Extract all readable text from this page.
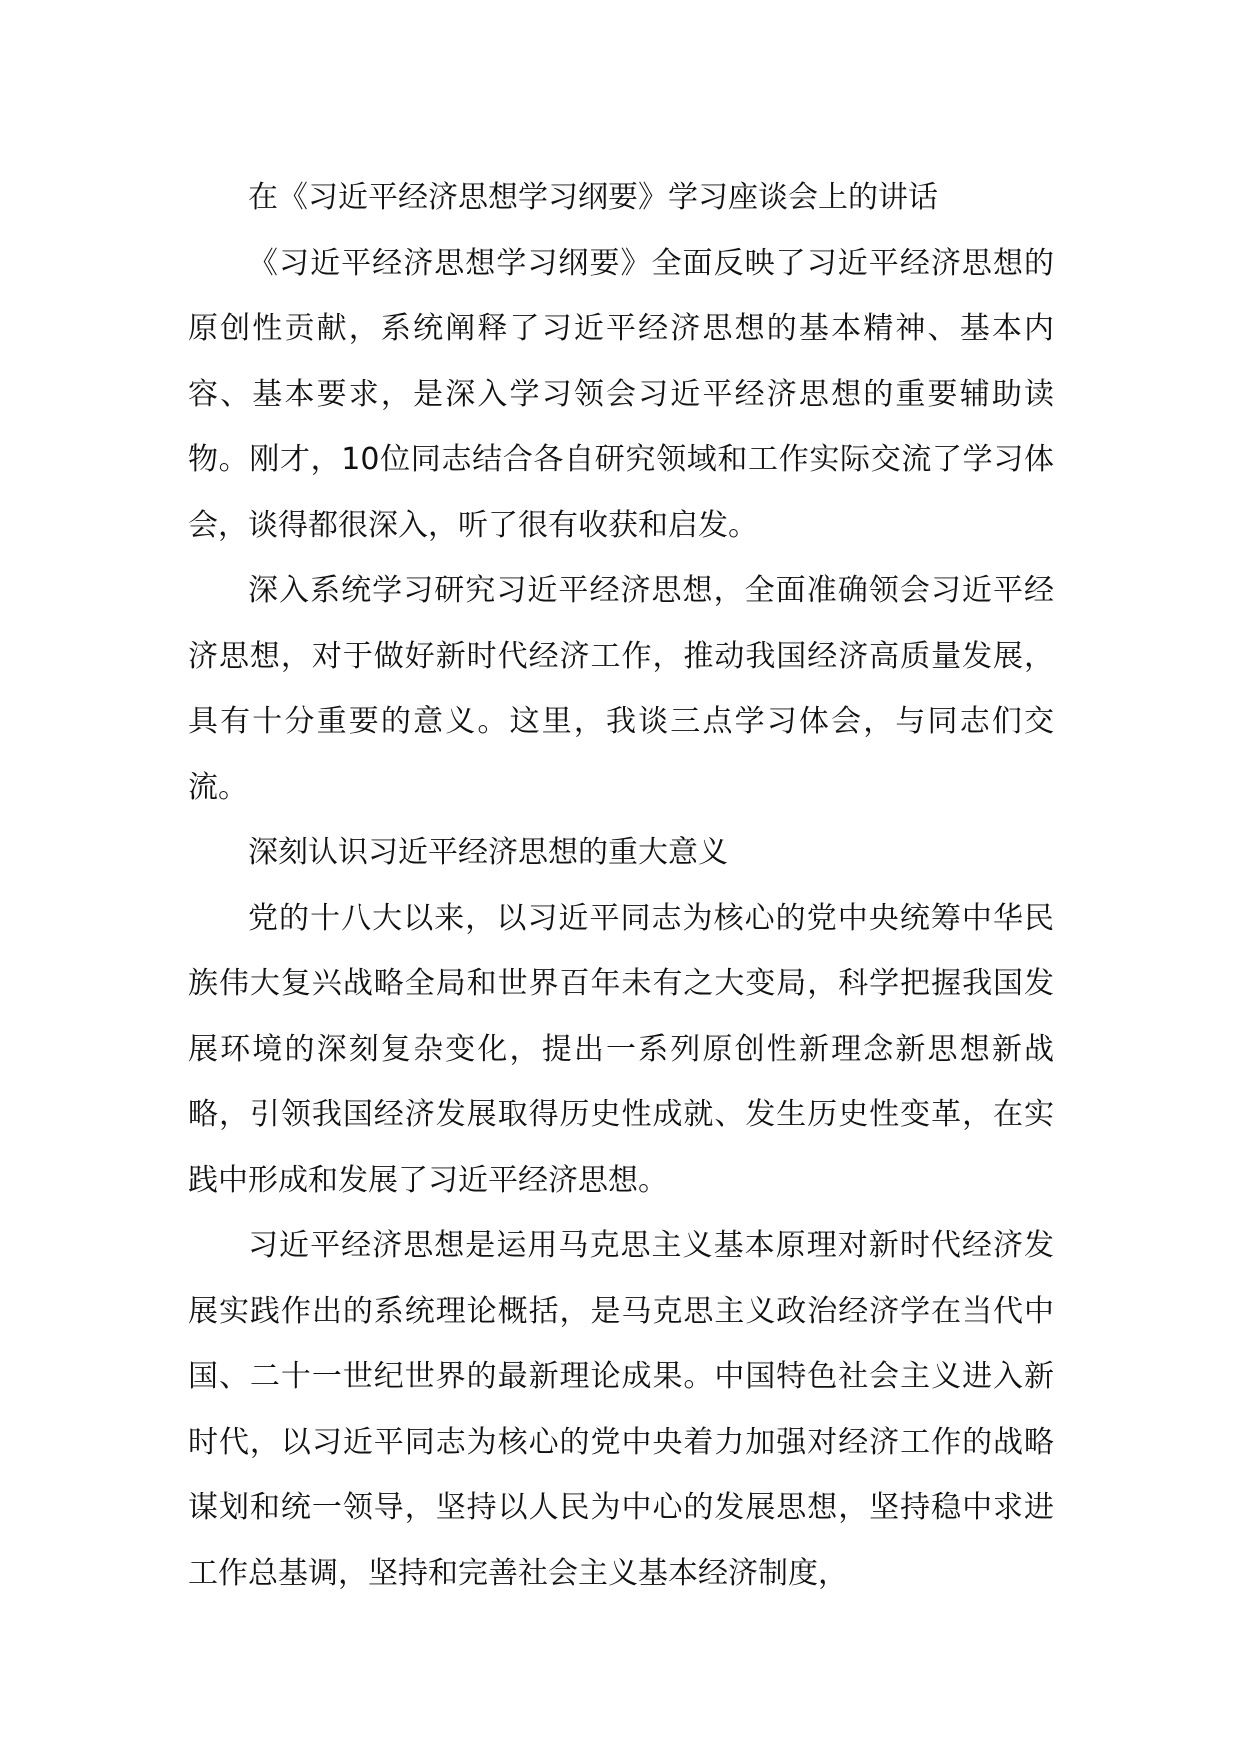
在《习近平经济思想学习纲要》学习座谈会上的讲话

《习近平经济思想学习纲要》全面反映了习近平经济思想的原创性贡献，系统阐释了习近平经济思想的基本精神、基本内容、基本要求，是深入学习领会习近平经济思想的重要辅助读物。刚才，10位同志结合各自研究领域和工作实际交流了学习体会，谈得都很深入，听了很有收获和启发。

深入系统学习研究习近平经济思想，全面准确领会习近平经济思想，对于做好新时代经济工作，推动我国经济高质量发展，具有十分重要的意义。这里，我谈三点学习体会，与同志们交流。

深刻认识习近平经济思想的重大意义

党的十八大以来，以习近平同志为核心的党中央统筹中华民族伟大复兴战略全局和世界百年未有之大变局，科学把握我国发展环境的深刻复杂变化，提出一系列原创性新理念新思想新战略，引领我国经济发展取得历史性成就、发生历史性变革，在实践中形成和发展了习近平经济思想。

习近平经济思想是运用马克思主义基本原理对新时代经济发展实践作出的系统理论概括，是马克思主义政治经济学在当代中国、二十一世纪世界的最新理论成果。中国特色社会主义进入新时代，以习近平同志为核心的党中央着力加强对经济工作的战略谋划和统一领导，坚持以人民为中心的发展思想，坚持稳中求进工作总基调，坚持和完善社会主义基本经济制度，
